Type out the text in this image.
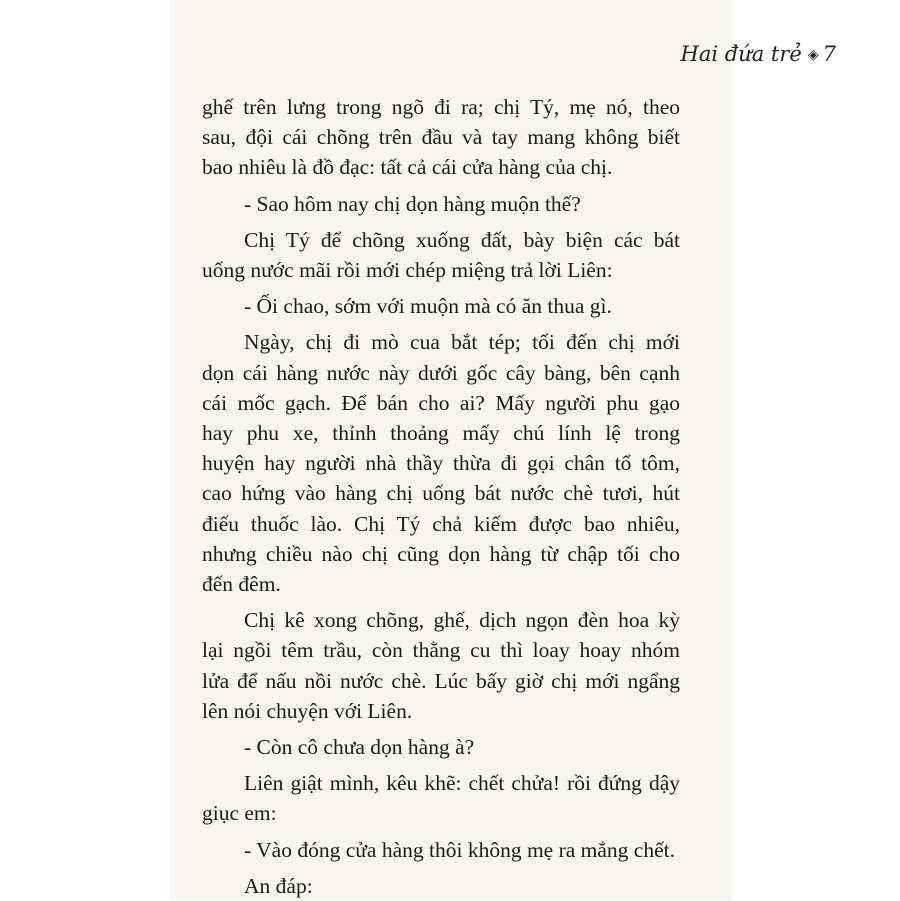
Hai đứa trẻ ◈ 7
ghế trên lưng trong ngõ đi ra; chị Tý, mẹ nó, theo
sau, đội cái chõng trên đầu và tay mang không biết
bao nhiêu là đồ đạc: tất cả cái cửa hàng của chị.
- Sao hôm nay chị dọn hàng muộn thế?
Chị Tý để chõng xuống đất, bày biện các bát
uống nước mãi rồi mới chép miệng trả lời Liên:
- Ối chao, sớm với muộn mà có ăn thua gì.
Ngày, chị đi mò cua bắt tép; tối đến chị mới
dọn cái hàng nước này dưới gốc cây bàng, bên cạnh
cái mốc gạch. Để bán cho ai? Mấy người phu gạo
hay phu xe, thỉnh thoảng mấy chú lính lệ trong
huyện hay người nhà thầy thừa đi gọi chân tổ tôm,
cao hứng vào hàng chị uống bát nước chè tươi, hút
điếu thuốc lào. Chị Tý chả kiếm được bao nhiêu,
nhưng chiều nào chị cũng dọn hàng từ chập tối cho
đến đêm.
Chị kê xong chõng, ghế, dịch ngọn đèn hoa kỳ
lại ngồi têm trầu, còn thằng cu thì loay hoay nhóm
lửa để nấu nồi nước chè. Lúc bấy giờ chị mới ngẩng
lên nói chuyện với Liên.
- Còn cô chưa dọn hàng à?
Liên giật mình, kêu khẽ: chết chửa! rồi đứng dậy
giục em:
- Vào đóng cửa hàng thôi không mẹ ra mắng chết.
An đáp:
